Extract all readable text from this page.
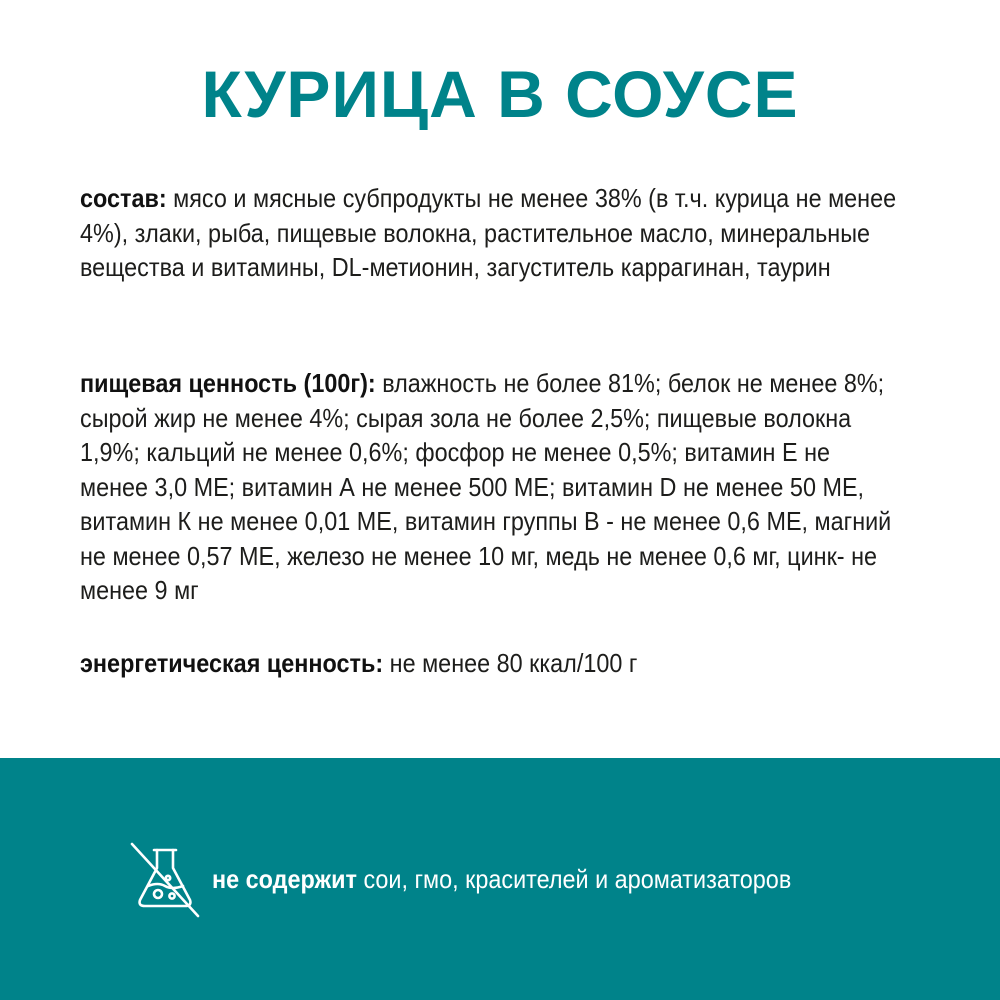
КУРИЦА В СОУСЕ

состав: мясо и мясные субпродукты не менее 38% (в т.ч. курица не менее 4%), злаки, рыба, пищевые волокна, растительное масло, минеральные вещества и витамины, DL-метионин, загуститель каррагинан, таурин

пищевая ценность (100г): влажность не более 81%; белок не менее 8%; сырой жир не менее 4%; сырая зола не более 2,5%; пищевые волокна 1,9%; кальций не менее 0,6%; фосфор не менее 0,5%; витамин Е не менее 3,0 МЕ; витамин А не менее 500 МЕ; витамин D не менее 50 МЕ, витамин К не менее 0,01 МЕ, витамин группы В - не менее 0,6 МЕ, магний не менее 0,57 МЕ, железо не менее 10 мг, медь не менее 0,6 мг, цинк- не менее 9 мг

энергетическая ценность: не менее 80 ккал/100 г

не содержит сои, гмо, красителей и ароматизаторов
